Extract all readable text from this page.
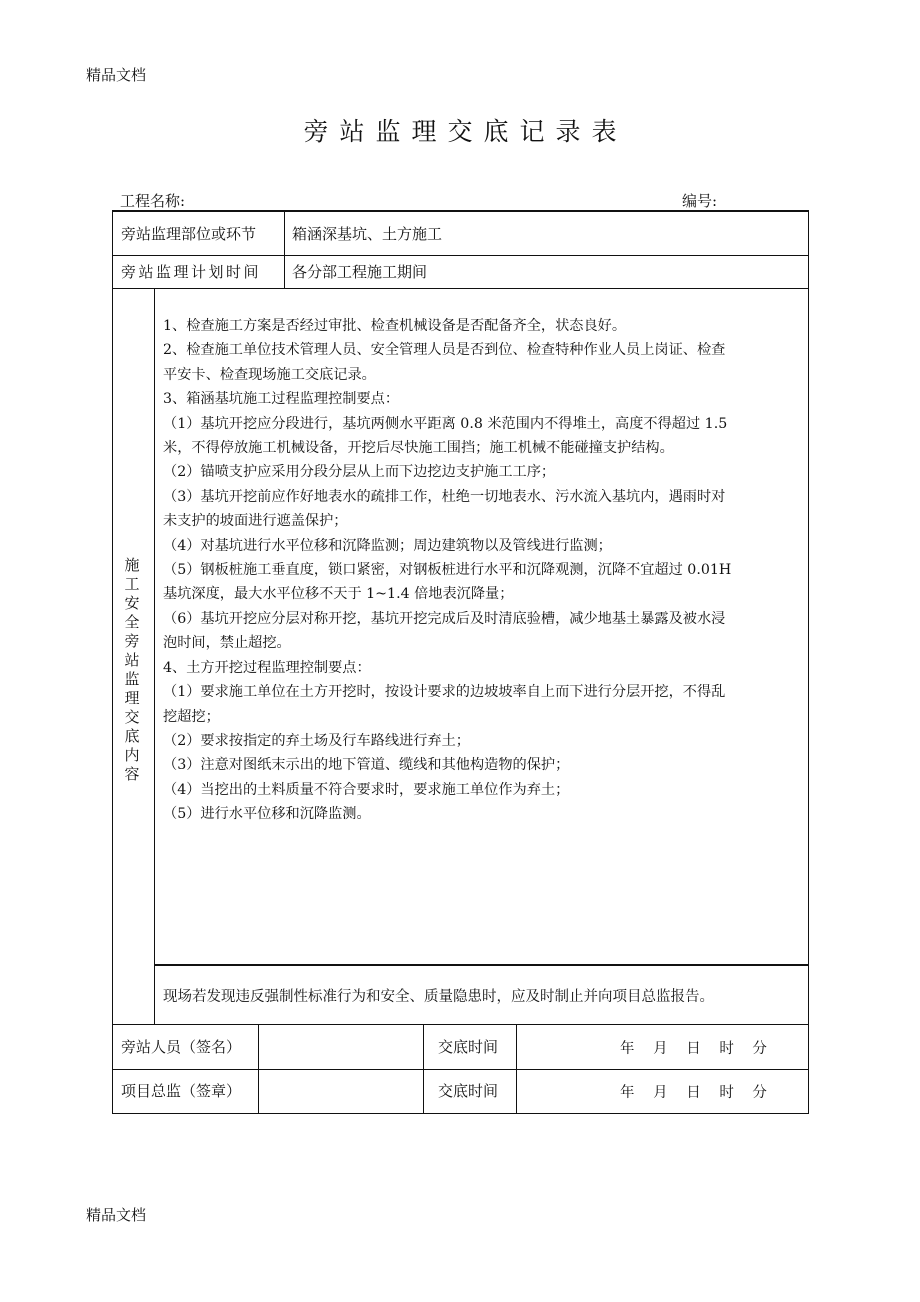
精品文档
旁站监理交底记录表
工程名称:	编号:
旁站监理部位或环节 箱涵深基坑、土方施工
旁站监理计划时间 各分部工程施工期间
施
工
安
全
旁
站
监
理
交
底
内
容
1、检查施工方案是否经过审批、检查机械设备是否配备齐全，状态良好。
2、检查施工单位技术管理人员、安全管理人员是否到位、检查特种作业人员上岗证、检查
平安卡、检查现场施工交底记录。
3、箱涵基坑施工过程监理控制要点：
（1）基坑开挖应分段进行，基坑两侧水平距离 0.8 米范围内不得堆土，高度不得超过 1.5
米，不得停放施工机械设备，开挖后尽快施工围挡；施工机械不能碰撞支护结构。
（2）锚喷支护应采用分段分层从上而下边挖边支护施工工序；
（3）基坑开挖前应作好地表水的疏排工作，杜绝一切地表水、污水流入基坑内，遇雨时对
未支护的坡面进行遮盖保护；
（4）对基坑进行水平位移和沉降监测；周边建筑物以及管线进行监测；
（5）钢板桩施工垂直度，锁口紧密，对钢板桩进行水平和沉降观测，沉降不宜超过 0.01H
基坑深度，最大水平位移不天于 1~1.4 倍地表沉降量；
（6）基坑开挖应分层对称开挖，基坑开挖完成后及时清底验槽，减少地基土暴露及被水浸
泡时间，禁止超挖。
4、土方开挖过程监理控制要点：
（1）要求施工单位在土方开挖时，按设计要求的边坡坡率自上而下进行分层开挖，不得乱
挖超挖；
（2）要求按指定的弃土场及行车路线进行弃土；
（3）注意对图纸末示出的地下管道、缆线和其他构造物的保护；
（4）当挖出的土料质量不符合要求时，要求施工单位作为弃土；
（5）进行水平位移和沉降监测。
现场若发现违反强制性标准行为和安全、质量隐患时，应及时制止并向项目总监报告。
旁站人员（签名）	交底时间	年 月 日 时 分
项目总监（签章）	交底时间	年 月 日 时 分
精品文档
